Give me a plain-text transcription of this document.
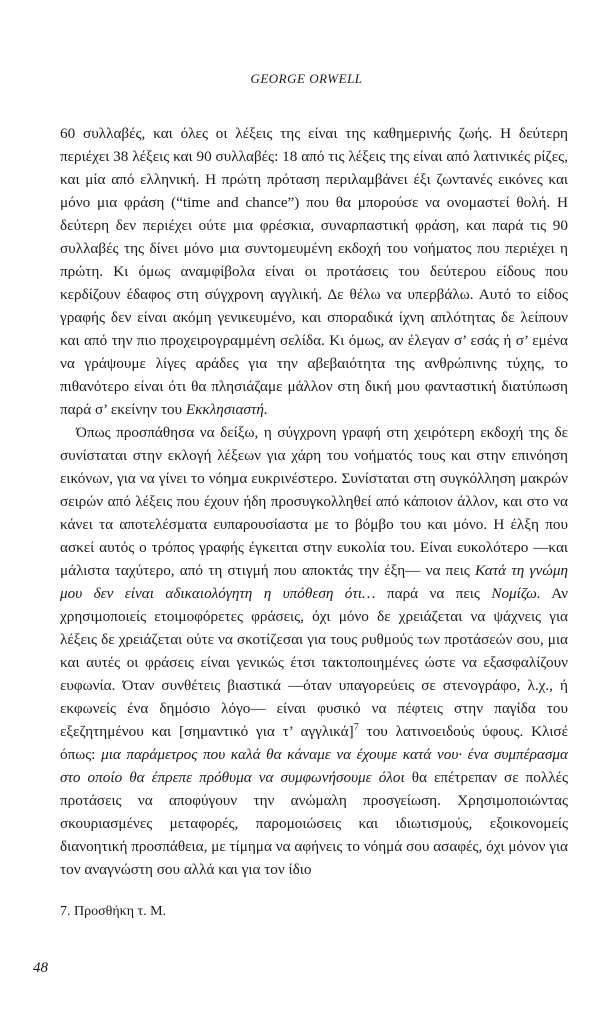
GEORGE ORWELL

60 συλλαβές, και όλες οι λέξεις της είναι της καθημερινής ζωής. Η δεύτερη περιέχει 38 λέξεις και 90 συλλαβές: 18 από τις λέξεις της είναι από λατινικές ρίζες, και μία από ελληνική. Η πρώτη πρόταση περιλαμβάνει έξι ζωντανές εικόνες και μόνο μια φράση (“time and chance”) που θα μπορούσε να ονομαστεί θολή. Η δεύτερη δεν περιέχει ούτε μια φρέσκια, συναρπαστική φράση, και παρά τις 90 συλλαβές της δίνει μόνο μια συντομευμένη εκδοχή του νοήματος που περιέχει η πρώτη. Κι όμως αναμφίβολα είναι οι προτάσεις του δεύτερου είδους που κερδίζουν έδαφος στη σύγχρονη αγγλική. Δε θέλω να υπερβάλω. Αυτό το είδος γραφής δεν είναι ακόμη γενικευμένο, και σποραδικά ίχνη απλότητας δε λείπουν και από την πιο προχειρογραμμένη σελίδα. Κι όμως, αν έλεγαν σ’ εσάς ή σ’ εμένα να γράψουμε λίγες αράδες για την αβεβαιότητα της ανθρώπινης τύχης, το πιθανότερο είναι ότι θα πλησιάζαμε μάλλον στη δική μου φανταστική διατύπωση παρά σ’ εκείνην του Εκκλησιαστή.

Όπως προσπάθησα να δείξω, η σύγχρονη γραφή στη χειρότερη εκδοχή της δε συνίσταται στην εκλογή λέξεων για χάρη του νοήματός τους και στην επινόηση εικόνων, για να γίνει το νόημα ευκρινέστερο. Συνίσταται στη συγκόλληση μακρών σειρών από λέξεις που έχουν ήδη προσυγκολληθεί από κάποιον άλλον, και στο να κάνει τα αποτελέσματα ευπαρουσίαστα με το βόμβο του και μόνο. Η έλξη που ασκεί αυτός ο τρόπος γραφής έγκειται στην ευκολία του. Είναι ευκολότερο —και μάλιστα ταχύτερο, από τη στιγμή που αποκτάς την έξη— να πεις Κατά τη γνώμη μου δεν είναι αδικαιολόγητη η υπόθεση ότι… παρά να πεις Νομίζω. Αν χρησιμοποιείς ετοιμοφόρετες φράσεις, όχι μόνο δε χρειάζεται να ψάχνεις για λέξεις δε χρειάζεται ούτε να σκοτίζεσαι για τους ρυθμούς των προτάσεών σου, μια και αυτές οι φράσεις είναι γενικώς έτσι τακτοποιημένες ώστε να εξασφαλίζουν ευφωνία. Όταν συνθέτεις βιαστικά —όταν υπαγορεύεις σε στενογράφο, λ.χ., ή εκφωνείς ένα δημόσιο λόγο— είναι φυσικό να πέφτεις στην παγίδα του εξεζητημένου και [σημαντικό για τ’ αγγλικά]$^7$ του λατινοειδούς ύφους. Κλισέ όπως: μια παράμετρος που καλά θα κάναμε να έχουμε κατά νου· ένα συμπέρασμα στο οποίο θα έπρεπε πρόθυμα να συμφωνήσουμε όλοι θα επέτρεπαν σε πολλές προτάσεις να αποφύγουν την ανώμαλη προσγείωση. Χρησιμοποιώντας σκουριασμένες μεταφορές, παρομοιώσεις και ιδιωτισμούς, εξοικονομείς διανοητική προσπάθεια, με τίμημα να αφήνεις το νόημά σου ασαφές, όχι μόνον για τον αναγνώστη σου αλλά και για τον ίδιο

7. Προσθήκη τ. Μ.
48
